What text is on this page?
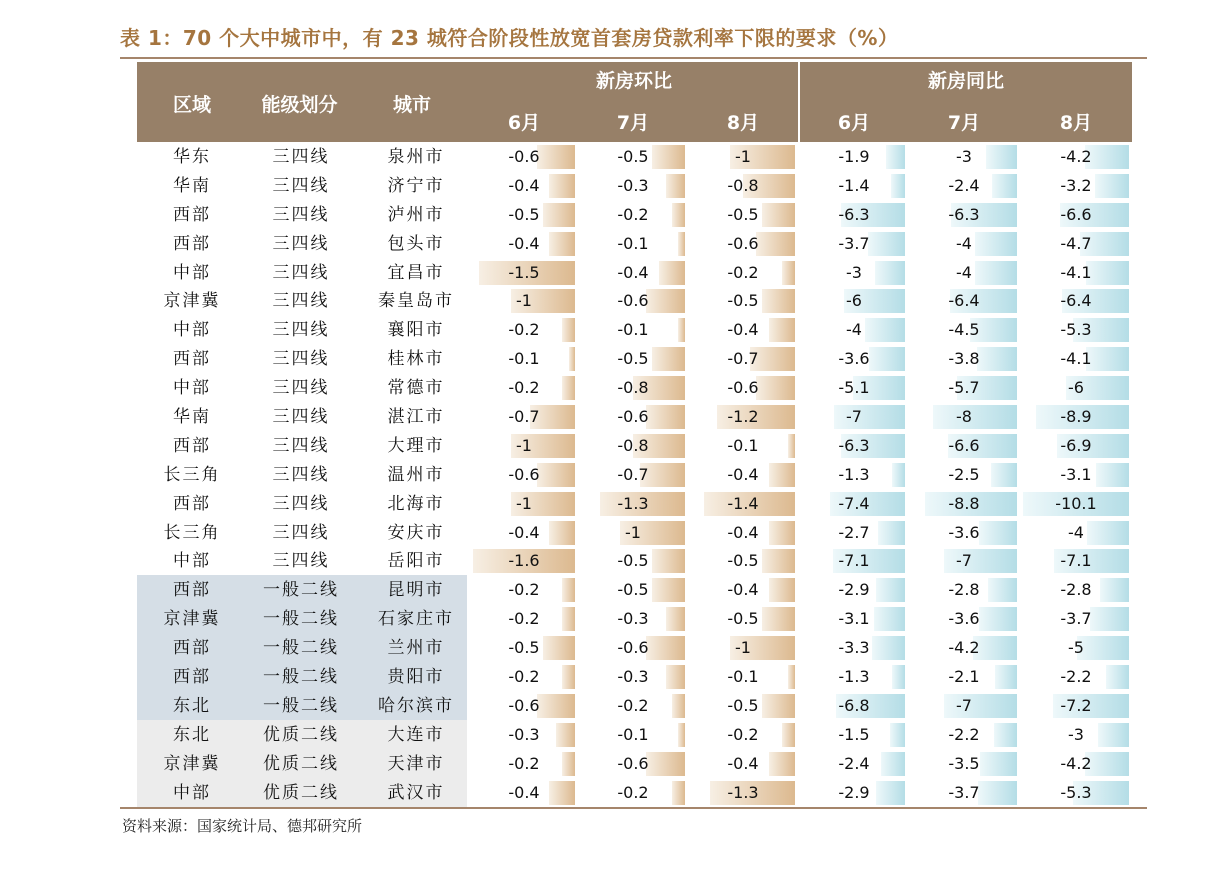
表 1：70 个大中城市中，有 23 城符合阶段性放宽首套房贷款利率下限的要求（%）
区域	能级划分	城市
新房环比	新房同比
6月	7月	8月	6月	7月	8月
华东	三四线	泉州市	-0.6	-0.5	-1	-1.9	-3	-4.2
华南	三四线	济宁市	-0.4	-0.3	-0.8	-1.4	-2.4	-3.2
西部	三四线	泸州市	-0.5	-0.2	-0.5	-6.3	-6.3	-6.6
西部	三四线	包头市	-0.4	-0.1	-0.6	-3.7	-4	-4.7
中部	三四线	宜昌市	-1.5	-0.4	-0.2	-3	-4	-4.1
京津冀	三四线	秦皇岛市	-1	-0.6	-0.5	-6	-6.4	-6.4
中部	三四线	襄阳市	-0.2	-0.1	-0.4	-4	-4.5	-5.3
西部	三四线	桂林市	-0.1	-0.5	-0.7	-3.6	-3.8	-4.1
中部	三四线	常德市	-0.2	-0.8	-0.6	-5.1	-5.7	-6
华南	三四线	湛江市	-0.7	-0.6	-1.2	-7	-8	-8.9
西部	三四线	大理市	-1	-0.8	-0.1	-6.3	-6.6	-6.9
长三角	三四线	温州市	-0.6	-0.7	-0.4	-1.3	-2.5	-3.1
西部	三四线	北海市	-1	-1.3	-1.4	-7.4	-8.8	-10.1
长三角	三四线	安庆市	-0.4	-1	-0.4	-2.7	-3.6	-4
中部	三四线	岳阳市	-1.6	-0.5	-0.5	-7.1	-7	-7.1
西部	一般二线	昆明市	-0.2	-0.5	-0.4	-2.9	-2.8	-2.8
京津冀	一般二线	石家庄市	-0.2	-0.3	-0.5	-3.1	-3.6	-3.7
西部	一般二线	兰州市	-0.5	-0.6	-1	-3.3	-4.2	-5
西部	一般二线	贵阳市	-0.2	-0.3	-0.1	-1.3	-2.1	-2.2
东北	一般二线	哈尔滨市	-0.6	-0.2	-0.5	-6.8	-7	-7.2
东北	优质二线	大连市	-0.3	-0.1	-0.2	-1.5	-2.2	-3
京津冀	优质二线	天津市	-0.2	-0.6	-0.4	-2.4	-3.5	-4.2
中部	优质二线	武汉市	-0.4	-0.2	-1.3	-2.9	-3.7	-5.3
资料来源：国家统计局、德邦研究所
